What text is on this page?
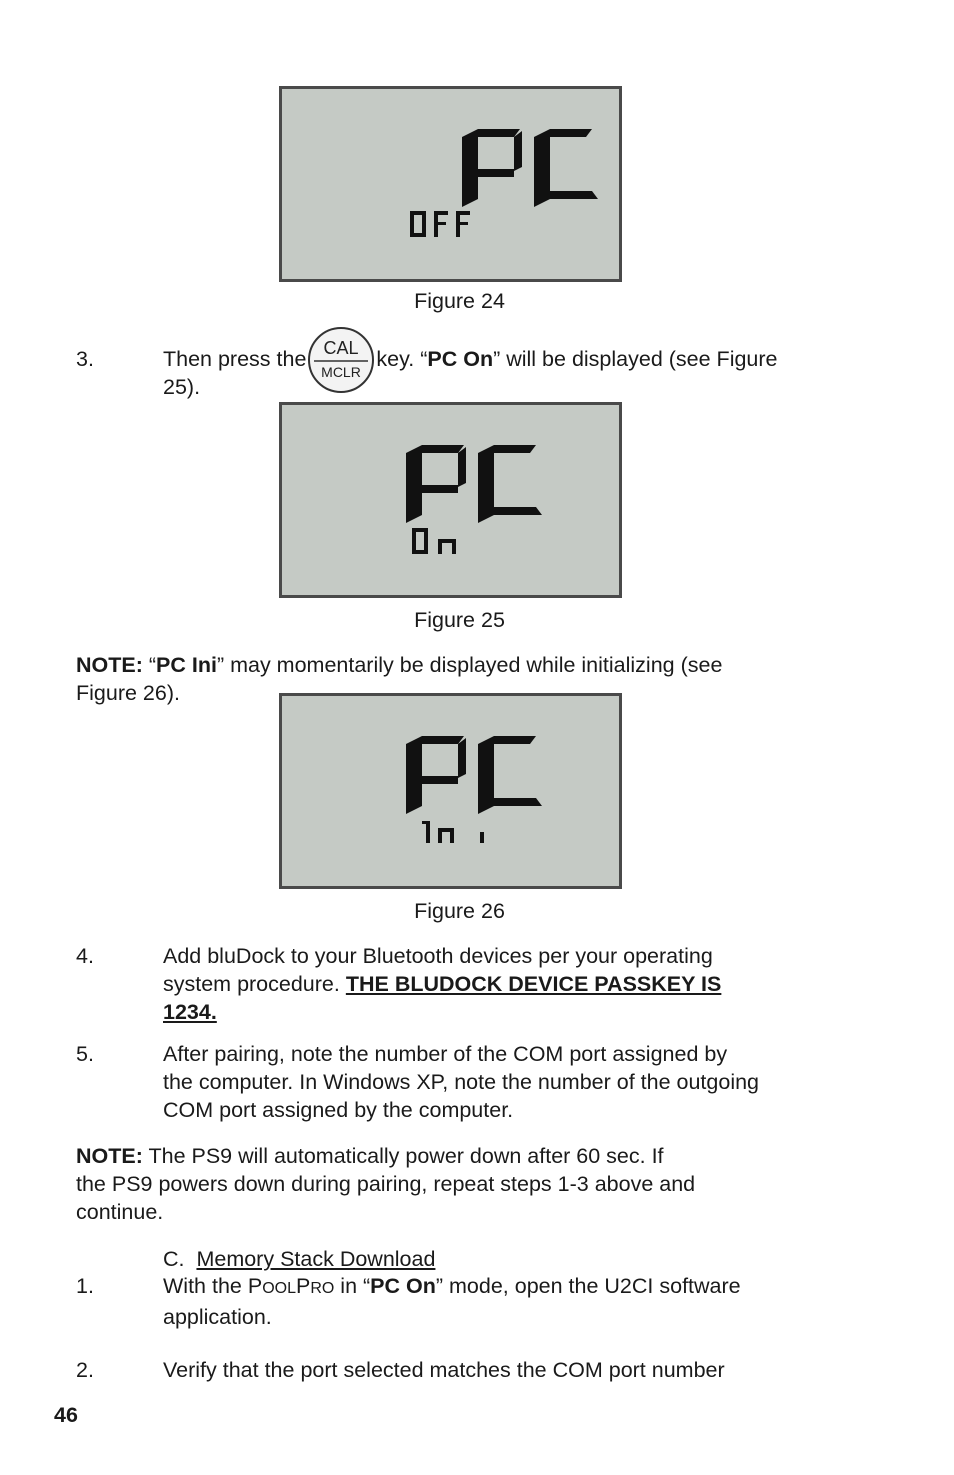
Figure 24
3.	Then press the CAL
MCLR
key. “PC On” will be displayed (see Figure
25).
Figure 25
NOTE: “PC Ini” may momentarily be displayed while initializing (see
Figure 26).
Figure 26
4.	Add bluDock to your Bluetooth devices per your operating
system procedure. THE BLUDOCK DEVICE PASSKEY IS
1234.
5.	After pairing, note the number of the COM port assigned by
the computer. In Windows XP, note the number of the outgoing
COM port assigned by the computer.
NOTE: The PS9 will automatically power down after 60 sec. If
the PS9 powers down during pairing, repeat steps 1-3 above and
continue.
C. Memory Stack Download
1.	With the POOLPRO in “PC On” mode, open the U2CI software
application.
2.	Verify that the port selected matches the COM port number
46
